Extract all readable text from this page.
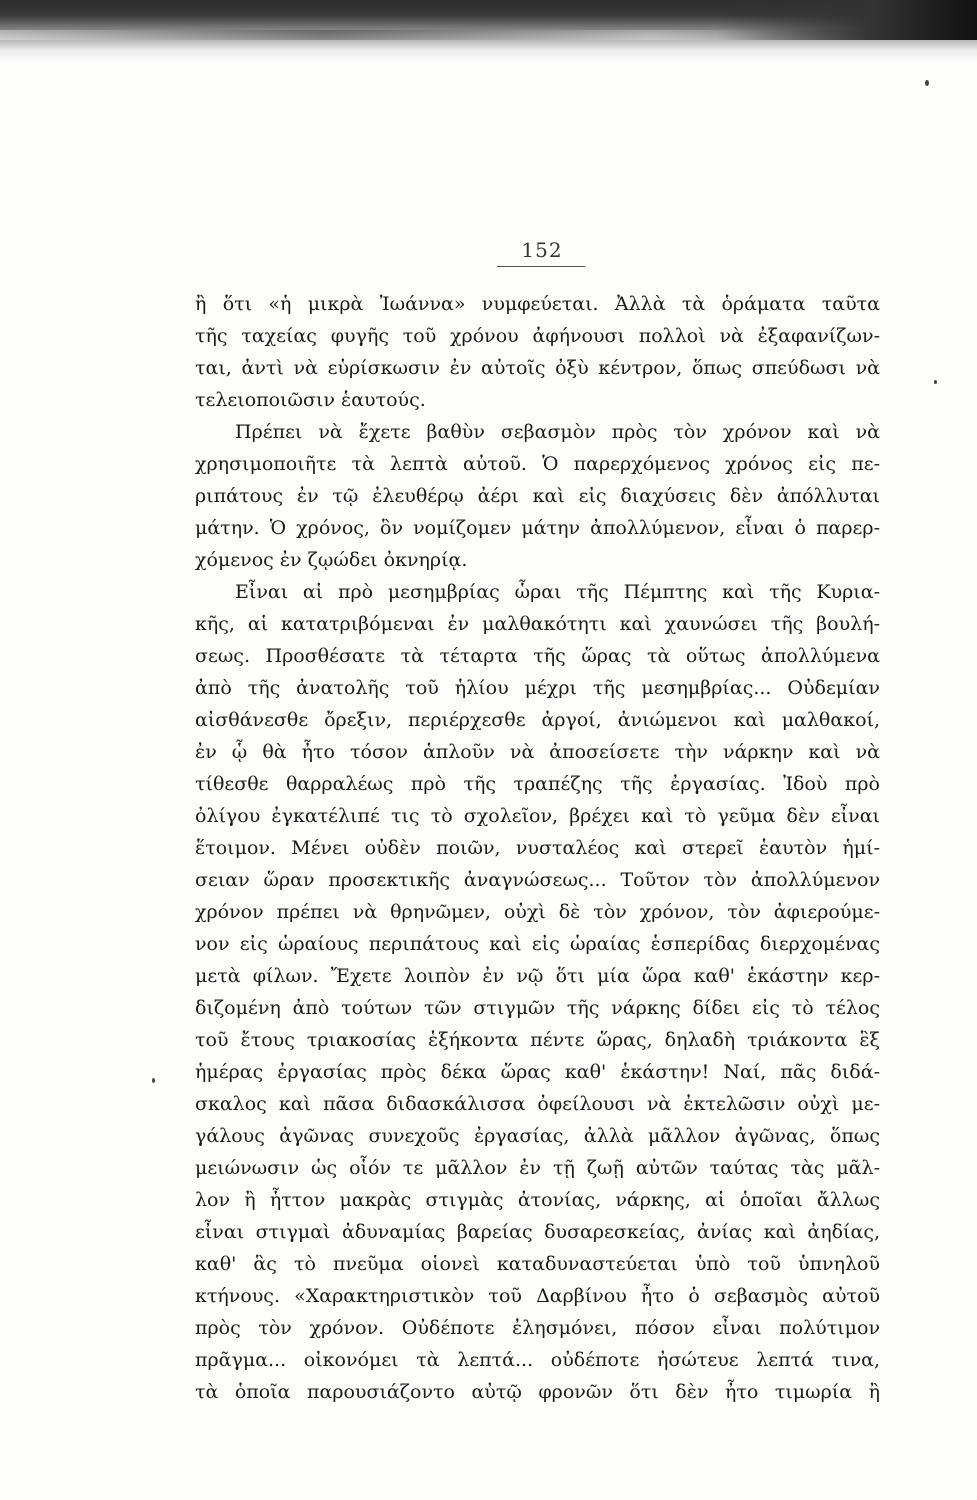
152
ἢ ὅτι «ἡ μικρὰ Ἰωάννα» νυμφεύεται. Ἀλλὰ τὰ ὁράματα ταῦτα
τῆς ταχείας φυγῆς τοῦ χρόνου ἀφήνουσι πολλοὶ νὰ ἐξαφανίζων-
ται, ἀντὶ νὰ εὑρίσκωσιν ἐν αὐτοῖς ὀξὺ κέντρον, ὅπως σπεύδωσι νὰ
τελειοποιῶσιν ἑαυτούς.
Πρέπει νὰ ἔχετε βαθὺν σεβασμὸν πρὸς τὸν χρόνον καὶ νὰ
χρησιμοποιῆτε τὰ λεπτὰ αὐτοῦ. Ὁ παρερχόμενος χρόνος εἰς πε-
ριπάτους ἐν τῷ ἐλευθέρῳ ἀέρι καὶ εἰς διαχύσεις δὲν ἀπόλλυται
μάτην. Ὁ χρόνος, ὃν νομίζομεν μάτην ἀπολλύμενον, εἶναι ὁ παρερ-
χόμενος ἐν ζῳώδει ὀκνηρίᾳ.
Εἶναι αἱ πρὸ μεσημβρίας ὧραι τῆς Πέμπτης καὶ τῆς Κυρια-
κῆς, αἱ κατατριβόμεναι ἐν μαλθακότητι καὶ χαυνώσει τῆς βουλή-
σεως. Προσθέσατε τὰ τέταρτα τῆς ὥρας τὰ οὕτως ἀπολλύμενα
ἀπὸ τῆς ἀνατολῆς τοῦ ἡλίου μέχρι τῆς μεσημβρίας... Οὐδεμίαν
αἰσθάνεσθε ὄρεξιν, περιέρχεσθε ἀργοί, ἀνιώμενοι καὶ μαλθακοί,
ἐν ᾧ θὰ ἦτο τόσον ἁπλοῦν νὰ ἀποσείσετε τὴν νάρκην καὶ νὰ
τίθεσθε θαρραλέως πρὸ τῆς τραπέζης τῆς ἐργασίας. Ἰδοὺ πρὸ
ὀλίγου ἐγκατέλιπέ τις τὸ σχολεῖον, βρέχει καὶ τὸ γεῦμα δὲν εἶναι
ἕτοιμον. Μένει οὐδὲν ποιῶν, νυσταλέος καὶ στερεῖ ἑαυτὸν ἡμί-
σειαν ὥραν προσεκτικῆς ἀναγνώσεως... Τοῦτον τὸν ἀπολλύμενον
χρόνον πρέπει νὰ θρηνῶμεν, οὐχὶ δὲ τὸν χρόνον, τὸν ἀφιερούμε-
νον εἰς ὡραίους περιπάτους καὶ εἰς ὡραίας ἑσπερίδας διερχομένας
μετὰ φίλων. Ἔχετε λοιπὸν ἐν νῷ ὅτι μία ὥρα καθ' ἑκάστην κερ-
διζομένη ἀπὸ τούτων τῶν στιγμῶν τῆς νάρκης δίδει εἰς τὸ τέλος
τοῦ ἔτους τριακοσίας ἑξήκοντα πέντε ὥρας, δηλαδὴ τριάκοντα ἓξ
ἡμέρας ἐργασίας πρὸς δέκα ὥρας καθ' ἑκάστην! Ναί, πᾶς διδά-
σκαλος καὶ πᾶσα διδασκάλισσα ὀφείλουσι νὰ ἐκτελῶσιν οὐχὶ με-
γάλους ἀγῶνας συνεχοῦς ἐργασίας, ἀλλὰ μᾶλλον ἀγῶνας, ὅπως
μειώνωσιν ὡς οἷόν τε μᾶλλον ἐν τῇ ζωῇ αὐτῶν ταύτας τὰς μᾶλ-
λον ἢ ἧττον μακρὰς στιγμὰς ἀτονίας, νάρκης, αἱ ὁποῖαι ἄλλως
εἶναι στιγμαὶ ἀδυναμίας βαρείας δυσαρεσκείας, ἀνίας καὶ ἀηδίας,
καθ' ἃς τὸ πνεῦμα οἱονεὶ καταδυναστεύεται ὑπὸ τοῦ ὑπνηλοῦ
κτήνους. «Χαρακτηριστικὸν τοῦ Δαρβίνου ἦτο ὁ σεβασμὸς αὐτοῦ
πρὸς τὸν χρόνον. Οὐδέποτε ἐλησμόνει, πόσον εἶναι πολύτιμον
πρᾶγμα... οἰκονόμει τὰ λεπτά... οὐδέποτε ἠσώτευε λεπτά τινα,
τὰ ὁποῖα παρουσιάζοντο αὐτῷ φρονῶν ὅτι δὲν ἦτο τιμωρία ἢ
